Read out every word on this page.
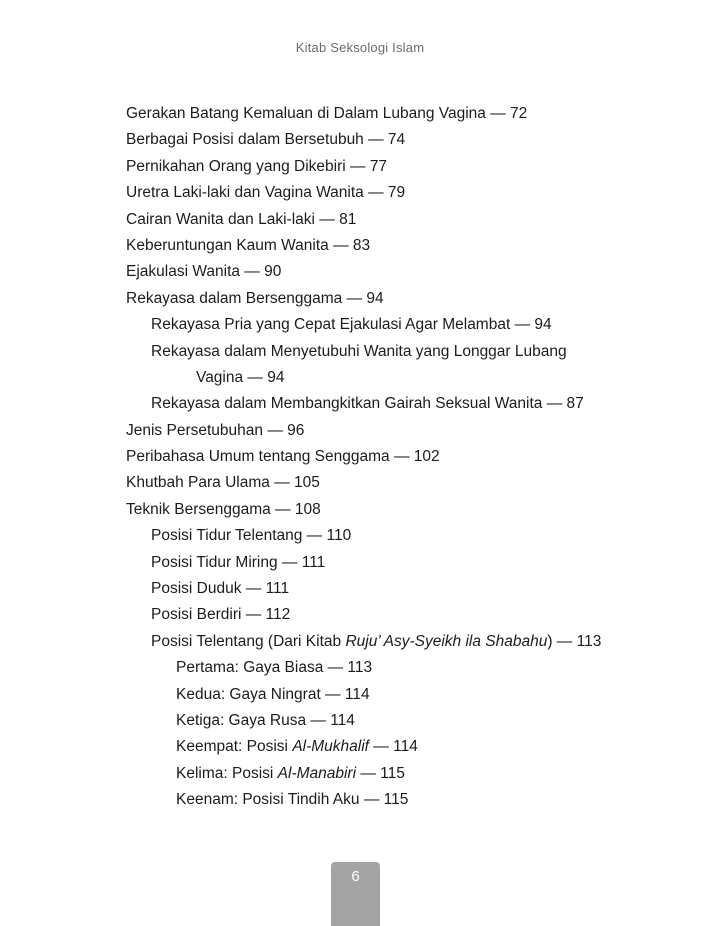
Kitab Seksologi Islam
Gerakan Batang Kemaluan di Dalam Lubang Vagina — 72
Berbagai Posisi dalam Bersetubuh — 74
Pernikahan Orang yang Dikebiri — 77
Uretra Laki-laki dan Vagina Wanita — 79
Cairan Wanita dan Laki-laki — 81
Keberuntungan Kaum Wanita — 83
Ejakulasi Wanita — 90
Rekayasa dalam Bersenggama — 94
Rekayasa Pria yang Cepat Ejakulasi Agar Melambat — 94
Rekayasa dalam Menyetubuhi Wanita yang Longgar Lubang
Vagina — 94
Rekayasa dalam Membangkitkan Gairah Seksual Wanita — 87
Jenis Persetubuhan — 96
Peribahasa Umum tentang Senggama — 102
Khutbah Para Ulama — 105
Teknik Bersenggama — 108
Posisi Tidur Telentang — 110
Posisi Tidur Miring — 111
Posisi Duduk — 111
Posisi Berdiri — 112
Posisi Telentang (Dari Kitab Ruju’ Asy-Syeikh ila Shabahu) — 113
Pertama: Gaya Biasa — 113
Kedua: Gaya Ningrat — 114
Ketiga: Gaya Rusa — 114
Keempat: Posisi Al-Mukhalif — 114
Kelima: Posisi Al-Manabiri — 115
Keenam: Posisi Tindih Aku — 115
6
